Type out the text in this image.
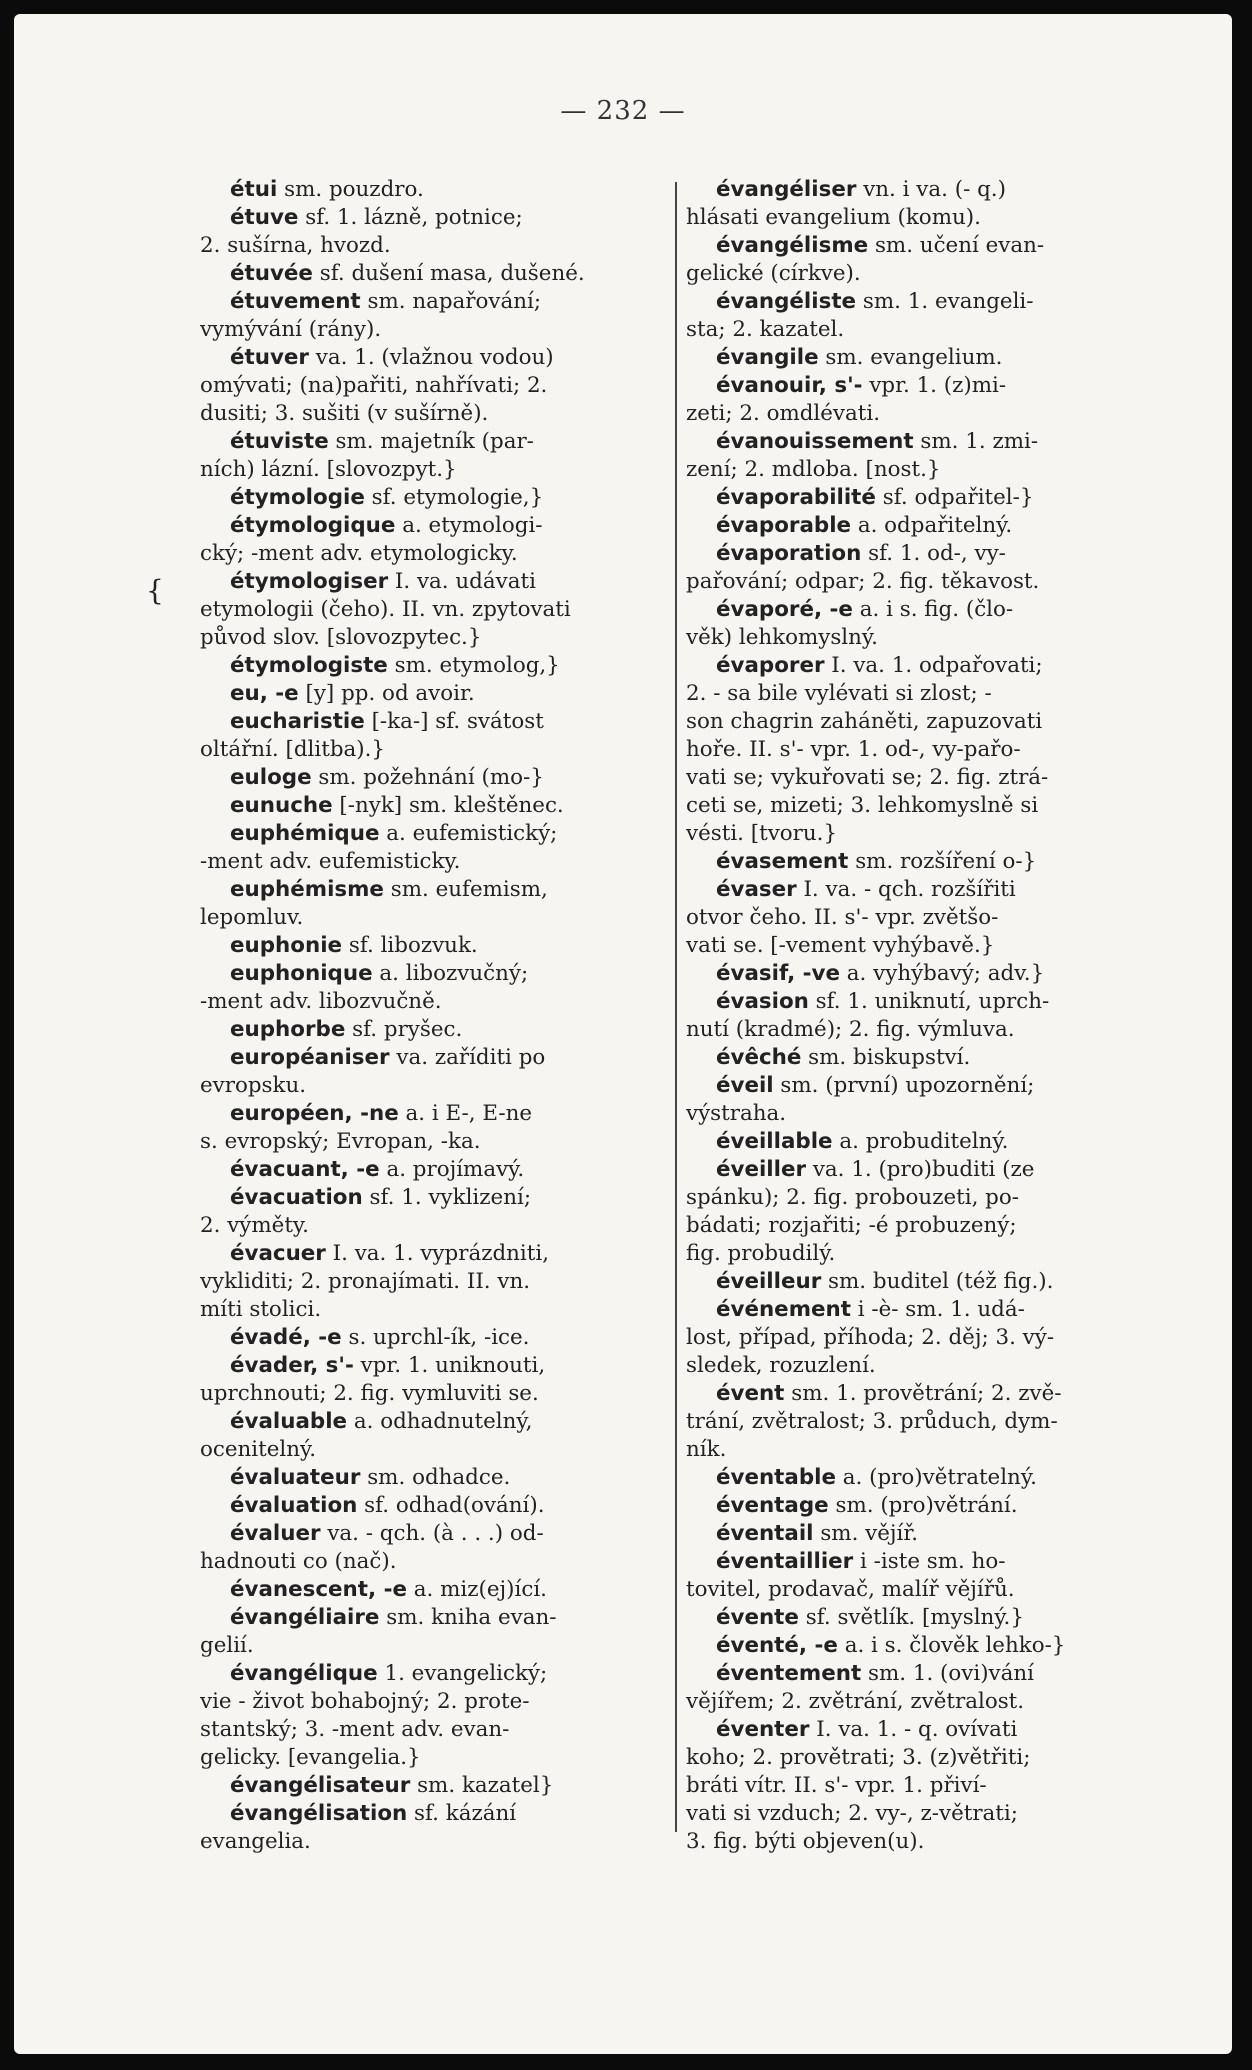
— 232 —
étui sm. pouzdro.
étuve sf. 1. lázně, potnice;
2. sušírna, hvozd.
étuvée sf. dušení masa, dušené.
étuvement sm. napařování;
vymývání (rány).
étuver va. 1. (vlažnou vodou)
omývati; (na)pařiti, nahřívati; 2.
dusiti; 3. sušiti (v sušírně).
étuviste sm. majetník (par-
ních) lázní. [slovozpyt.}
étymologie sf. etymologie,}
étymologique a. etymologi-
cký; -ment adv. etymologicky.
étymologiser I. va. udávati
etymologii (čeho). II. vn. zpytovati
původ slov. [slovozpytec.}
étymologiste sm. etymolog,}
eu, -e [y] pp. od avoir.
eucharistie [-ka-] sf. svátost
oltářní. [dlitba).}
euloge sm. požehnání (mo-}
eunuche [-nyk] sm. kleštěnec.
euphémique a. eufemistický;
-ment adv. eufemisticky.
euphémisme sm. eufemism,
lepomluv.
euphonie sf. libozvuk.
euphonique a. libozvučný;
-ment adv. libozvučně.
euphorbe sf. pryšec.
européaniser va. zaříditi po
evropsku.
européen, -ne a. i E-, E-ne
s. evropský; Evropan, -ka.
évacuant, -e a. projímavý.
évacuation sf. 1. vyklizení;
2. výměty.
évacuer I. va. 1. vyprázdniti,
vykliditi; 2. pronajímati. II. vn.
míti stolici.
évadé, -e s. uprchl-ík, -ice.
évader, s'- vpr. 1. uniknouti,
uprchnouti; 2. fig. vymluviti se.
évaluable a. odhadnutelný,
ocenitelný.
évaluateur sm. odhadce.
évaluation sf. odhad(ování).
évaluer va. - qch. (à . . .) od-
hadnouti co (nač).
évanescent, -e a. miz(ej)ící.
évangéliaire sm. kniha evan-
gelií.
évangélique 1. evangelický;
vie - život bohabojný; 2. prote-
stantský; 3. -ment adv. evan-
gelicky. [evangelia.}
évangélisateur sm. kazatel}
évangélisation sf. kázání
evangelia.
évangéliser vn. i va. (- q.)
hlásati evangelium (komu).
évangélisme sm. učení evan-
gelické (církve).
évangéliste sm. 1. evangeli-
sta; 2. kazatel.
évangile sm. evangelium.
évanouir, s'- vpr. 1. (z)mi-
zeti; 2. omdlévati.
évanouissement sm. 1. zmi-
zení; 2. mdloba. [nost.}
évaporabilité sf. odpařitel-}
évaporable a. odpařitelný.
évaporation sf. 1. od-, vy-
pařování; odpar; 2. fig. těkavost.
évaporé, -e a. i s. fig. (člo-
věk) lehkomyslný.
évaporer I. va. 1. odpařovati;
2. - sa bile vylévati si zlost; -
son chagrin zaháněti, zapuzovati
hoře. II. s'- vpr. 1. od-, vy-pařo-
vati se; vykuřovati se; 2. fig. ztrá-
ceti se, mizeti; 3. lehkomyslně si
vésti. [tvoru.}
évasement sm. rozšíření o-}
évaser I. va. - qch. rozšířiti
otvor čeho. II. s'- vpr. zvětšo-
vati se. [-vement vyhýbavě.}
évasif, -ve a. vyhýbavý; adv.}
évasion sf. 1. uniknutí, uprch-
nutí (kradmé); 2. fig. výmluva.
évêché sm. biskupství.
éveil sm. (první) upozornění;
výstraha.
éveillable a. probuditelný.
éveiller va. 1. (pro)buditi (ze
spánku); 2. fig. probouzeti, po-
bádati; rozjařiti; -é probuzený;
fig. probudilý.
éveilleur sm. buditel (též fig.).
événement i -è- sm. 1. udá-
lost, případ, příhoda; 2. děj; 3. vý-
sledek, rozuzlení.
évent sm. 1. provětrání; 2. zvě-
trání, zvětralost; 3. průduch, dym-
ník.
éventable a. (pro)větratelný.
éventage sm. (pro)větrání.
éventail sm. vějíř.
éventaillier i -iste sm. ho-
tovitel, prodavač, malíř vějířů.
évente sf. světlík. [myslný.}
éventé, -e a. i s. člověk lehko-}
éventement sm. 1. (ovi)vání
vějířem; 2. zvětrání, zvětralost.
éventer I. va. 1. - q. ovívati
koho; 2. provětrati; 3. (z)větřiti;
bráti vítr. II. s'- vpr. 1. přiví-
vati si vzduch; 2. vy-, z-větrati;
3. fig. býti objeven(u).
{
